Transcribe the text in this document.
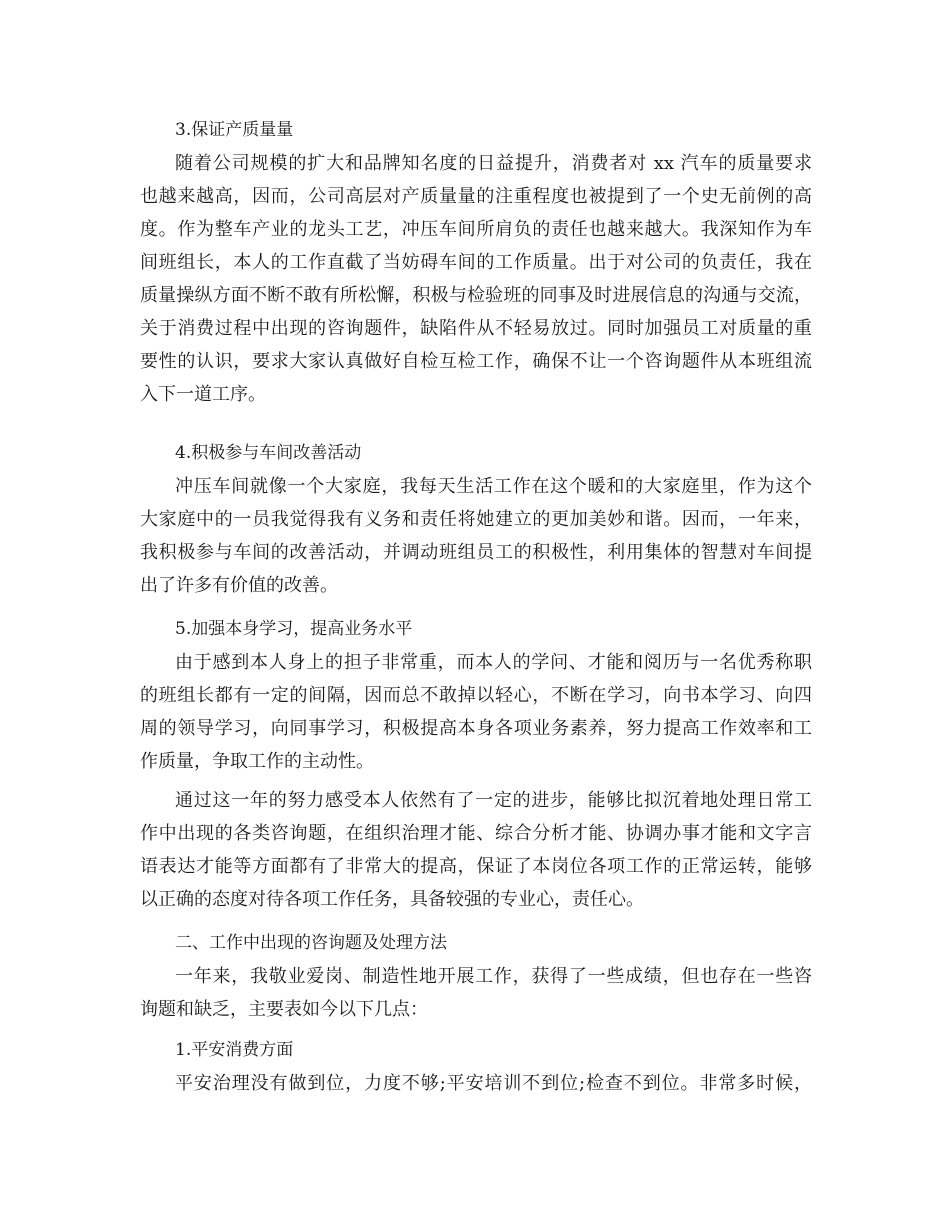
3.保证产质量量
随着公司规模的扩大和品牌知名度的日益提升，消费者对 xx 汽车的质量要求
也越来越高，因而，公司高层对产质量量的注重程度也被提到了一个史无前例的高
度。作为整车产业的龙头工艺，冲压车间所肩负的责任也越来越大。我深知作为车
间班组长，本人的工作直截了当妨碍车间的工作质量。出于对公司的负责任，我在
质量操纵方面不断不敢有所松懈，积极与检验班的同事及时进展信息的沟通与交流，
关于消费过程中出现的咨询题件，缺陷件从不轻易放过。同时加强员工对质量的重
要性的认识，要求大家认真做好自检互检工作，确保不让一个咨询题件从本班组流
入下一道工序。
4.积极参与车间改善活动
冲压车间就像一个大家庭，我每天生活工作在这个暖和的大家庭里，作为这个
大家庭中的一员我觉得我有义务和责任将她建立的更加美妙和谐。因而，一年来，
我积极参与车间的改善活动，并调动班组员工的积极性，利用集体的智慧对车间提
出了许多有价值的改善。
5.加强本身学习，提高业务水平
由于感到本人身上的担子非常重，而本人的学问、才能和阅历与一名优秀称职
的班组长都有一定的间隔，因而总不敢掉以轻心，不断在学习，向书本学习、向四
周的领导学习，向同事学习，积极提高本身各项业务素养，努力提高工作效率和工
作质量，争取工作的主动性。
通过这一年的努力感受本人依然有了一定的进步，能够比拟沉着地处理日常工
作中出现的各类咨询题，在组织治理才能、综合分析才能、协调办事才能和文字言
语表达才能等方面都有了非常大的提高，保证了本岗位各项工作的正常运转，能够
以正确的态度对待各项工作任务，具备较强的专业心，责任心。
二、工作中出现的咨询题及处理方法
一年来，我敬业爱岗、制造性地开展工作，获得了一些成绩，但也存在一些咨
询题和缺乏，主要表如今以下几点：
1.平安消费方面
平安治理没有做到位，力度不够;平安培训不到位;检查不到位。非常多时候，
